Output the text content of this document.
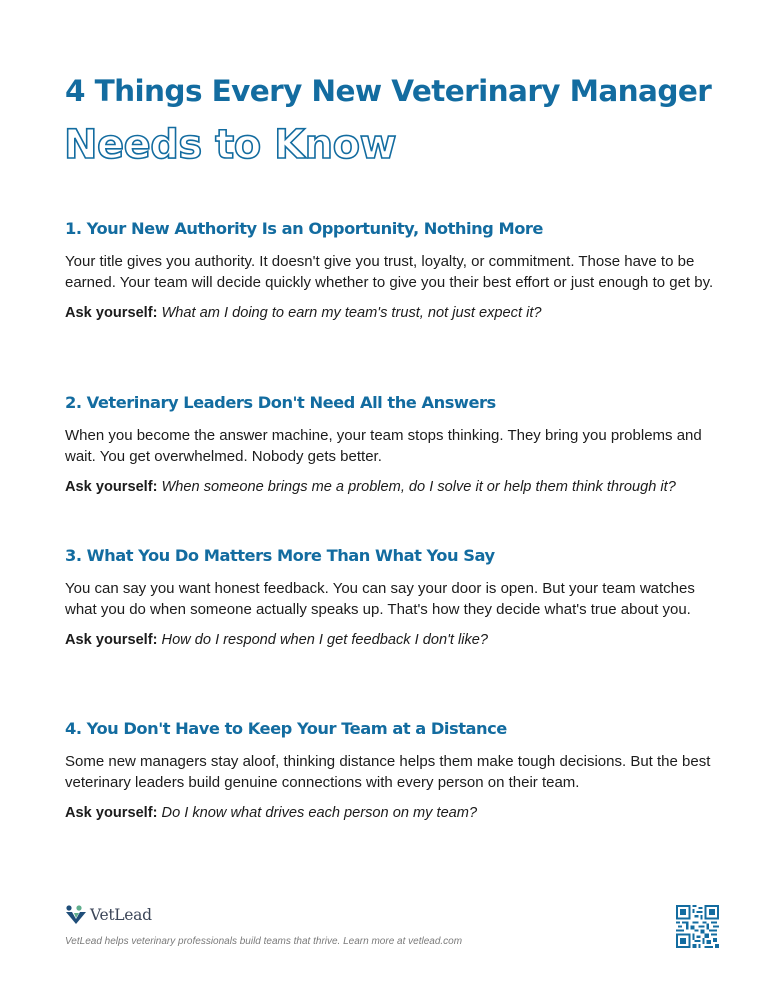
4 Things Every New Veterinary Manager
Needs to Know
1. Your New Authority Is an Opportunity, Nothing More
Your title gives you authority. It doesn't give you trust, loyalty, or commitment. Those have to be earned. Your team will decide quickly whether to give you their best effort or just enough to get by.
Ask yourself: What am I doing to earn my team's trust, not just expect it?
2. Veterinary Leaders Don't Need All the Answers
When you become the answer machine, your team stops thinking. They bring you problems and wait. You get overwhelmed. Nobody gets better.
Ask yourself: When someone brings me a problem, do I solve it or help them think through it?
3. What You Do Matters More Than What You Say
You can say you want honest feedback. You can say your door is open. But your team watches what you do when someone actually speaks up. That's how they decide what's true about you.
Ask yourself: How do I respond when I get feedback I don't like?
4. You Don't Have to Keep Your Team at a Distance
Some new managers stay aloof, thinking distance helps them make tough decisions. But the best veterinary leaders build genuine connections with every person on their team.
Ask yourself: Do I know what drives each person on my team?
VetLead
VetLead helps veterinary professionals build teams that thrive. Learn more at vetlead.com
